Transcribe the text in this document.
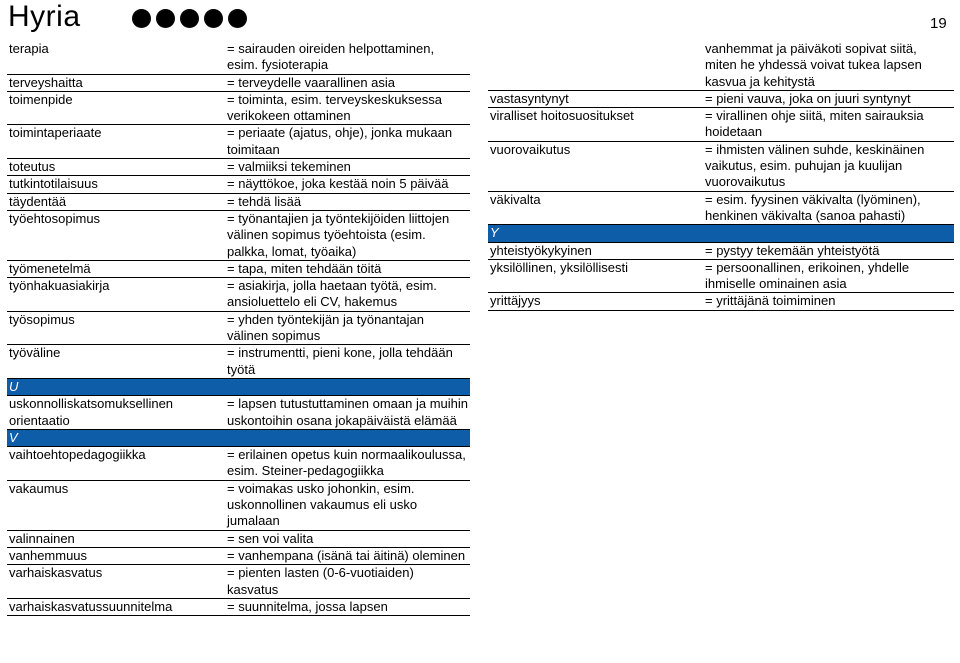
Hyria	19
terapia	= sairauden oireiden helpottaminen, esim. fysioterapia
terveyshaitta	= terveydelle vaarallinen asia
toimenpide	= toiminta, esim. terveyskeskuksessa verikokeen ottaminen
toimintaperiaate	= periaate (ajatus, ohje), jonka mukaan toimitaan
toteutus	= valmiiksi tekeminen
tutkintotilaisuus	= näyttökoe, joka kestää noin 5 päivää
täydentää	= tehdä lisää
työehtosopimus	= työnantajien ja työntekijöiden liittojen välinen sopimus työehtoista (esim. palkka, lomat, työaika)
työmenetelmä	= tapa, miten tehdään töitä
työnhakuasiakirja	= asiakirja, jolla haetaan työtä, esim. ansioluettelo eli CV, hakemus
työsopimus	= yhden työntekijän ja työnantajan välinen sopimus
työväline	= instrumentti, pieni kone, jolla tehdään työtä
U	
uskonnolliskatsomuksellinen orientaatio	= lapsen tutustuttaminen omaan ja muihin uskontoihin osana jokapäiväistä elämää
V	
vaihtoehtopedagogiikka	= erilainen opetus kuin normaalikoulussa, esim. Steiner-pedagogiikka
vakaumus	= voimakas usko johonkin, esim. uskonnollinen vakaumus eli usko jumalaan
valinnainen	= sen voi valita
vanhemmuus	= vanhempana (isänä tai äitinä) oleminen
varhaiskasvatus	= pienten lasten (0-6-vuotiaiden) kasvatus
varhaiskasvatussuunnitelma	= suunnitelma, jossa lapsen
	vanhemmat ja päiväkoti sopivat siitä, miten he yhdessä voivat tukea lapsen kasvua ja kehitystä
vastasyntynyt	= pieni vauva, joka on juuri syntynyt
viralliset hoitosuositukset	= virallinen ohje siitä, miten sairauksia hoidetaan
vuorovaikutus	= ihmisten välinen suhde, keskinäinen vaikutus, esim. puhujan ja kuulijan vuorovaikutus
väkivalta	= esim. fyysinen väkivalta (lyöminen), henkinen väkivalta (sanoa pahasti)
Y	
yhteistyökykyinen	= pystyy tekemään yhteistyötä
yksilöllinen, yksilöllisesti	= persoonallinen, erikoinen, yhdelle ihmiselle ominainen asia
yrittäjyys	= yrittäjänä toimiminen
